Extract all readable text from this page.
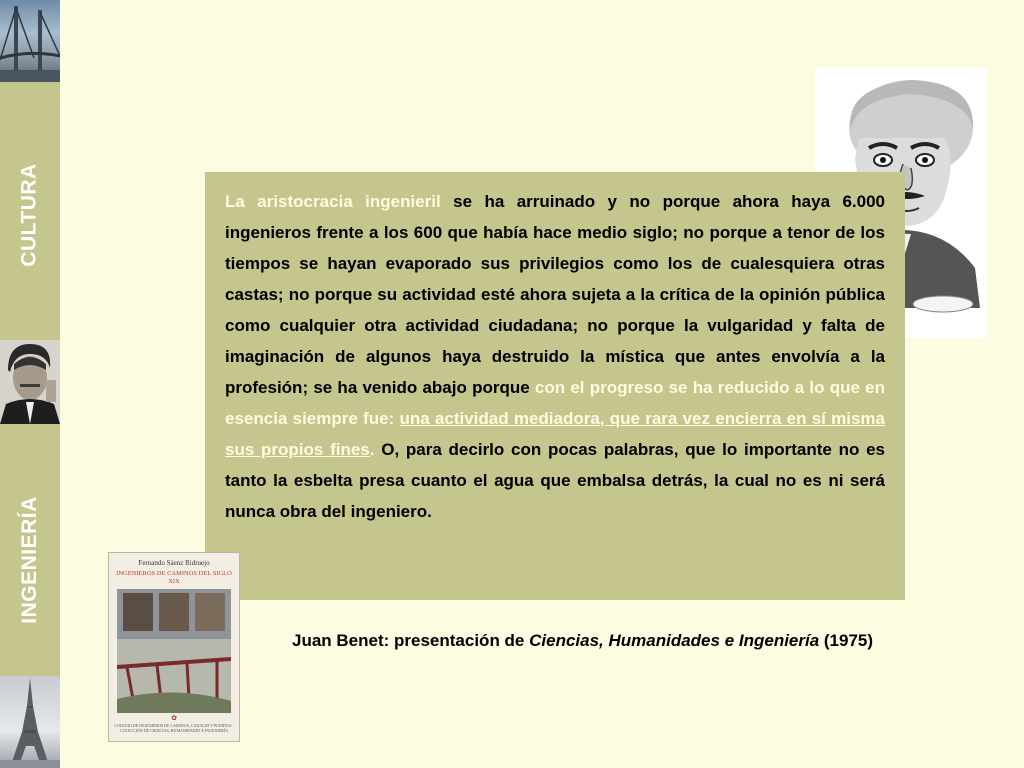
CULTURA
INGENIERÍA

La aristocracia ingenieril se ha arruinado y no porque ahora haya 6.000 ingenieros frente a los 600 que había hace medio siglo; no porque a tenor de los tiempos se hayan evaporado sus privilegios como los de cualesquiera otras castas; no porque su actividad esté ahora sujeta a la crítica de la opinión pública como cualquier otra actividad ciudadana; no porque la vulgaridad y falta de imaginación de algunos haya destruido la mística que antes envolvía a la profesión; se ha venido abajo porque con el progreso se ha reducido a lo que en esencia siempre fue: una actividad mediadora, que rara vez encierra en sí misma sus propios fines. O, para decirlo con pocas palabras, que lo importante no es tanto la esbelta presa cuanto el agua que embalsa detrás, la cual no es ni será nunca obra del ingeniero.

Fernando Sáenz Ridruejo
INGENIEROS DE CAMINOS DEL SIGLO XIX
✿
COLEGIO DE INGENIEROS DE CAMINOS, CANALES Y PUERTOS · COLECCIÓN DE CIENCIAS, HUMANIDADES E INGENIERÍA
Juan Benet: presentación de Ciencias, Humanidades e Ingeniería (1975)
